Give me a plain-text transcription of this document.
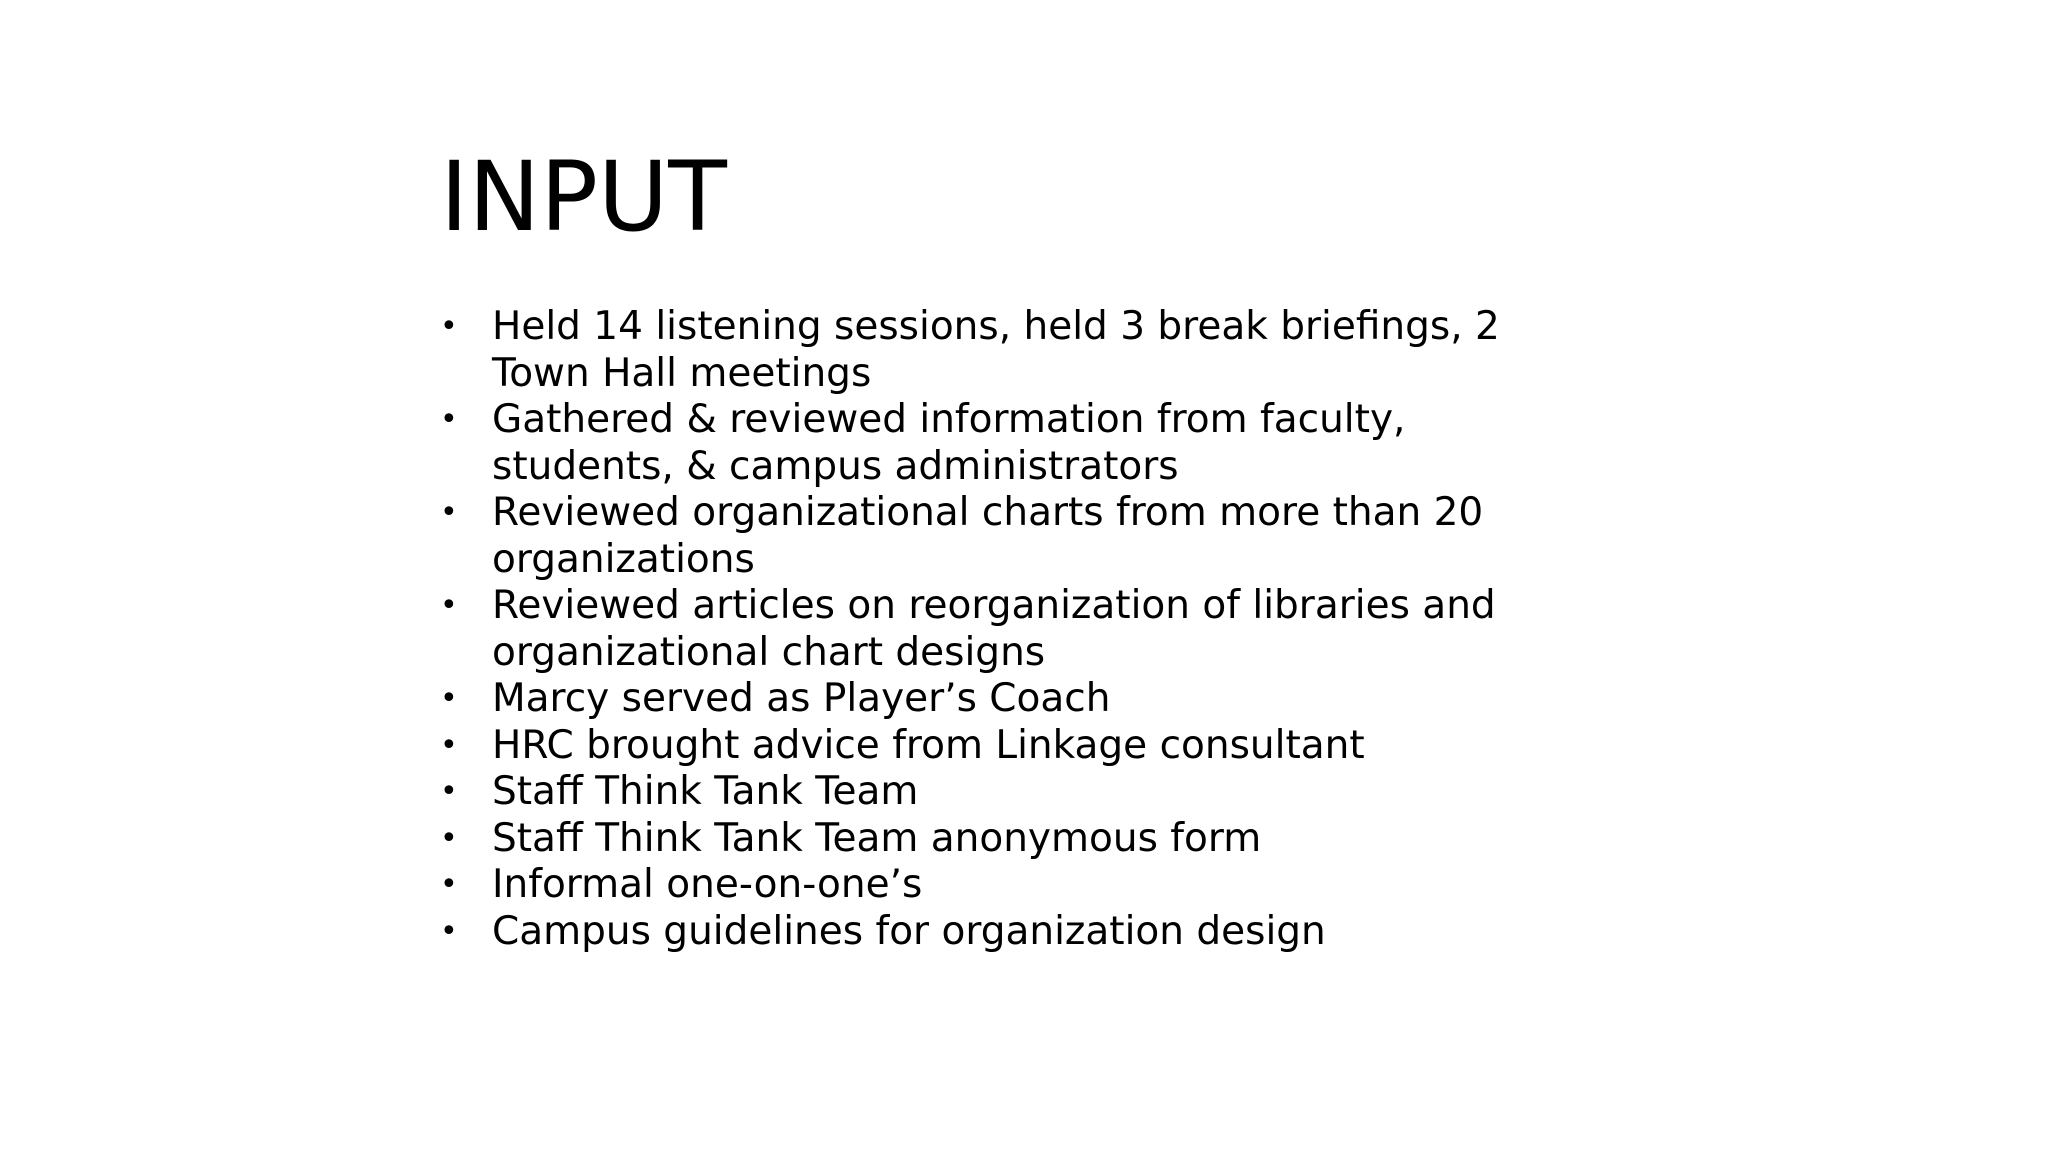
INPUT
• Held 14 listening sessions, held 3 break briefings, 2 Town Hall meetings
• Gathered & reviewed information from faculty, students, & campus administrators
• Reviewed organizational charts from more than 20 organizations
• Reviewed articles on reorganization of libraries and organizational chart designs
• Marcy served as Player’s Coach
• HRC brought advice from Linkage consultant
• Staff Think Tank Team
• Staff Think Tank Team anonymous form
• Informal one-on-one’s
• Campus guidelines for organization design
